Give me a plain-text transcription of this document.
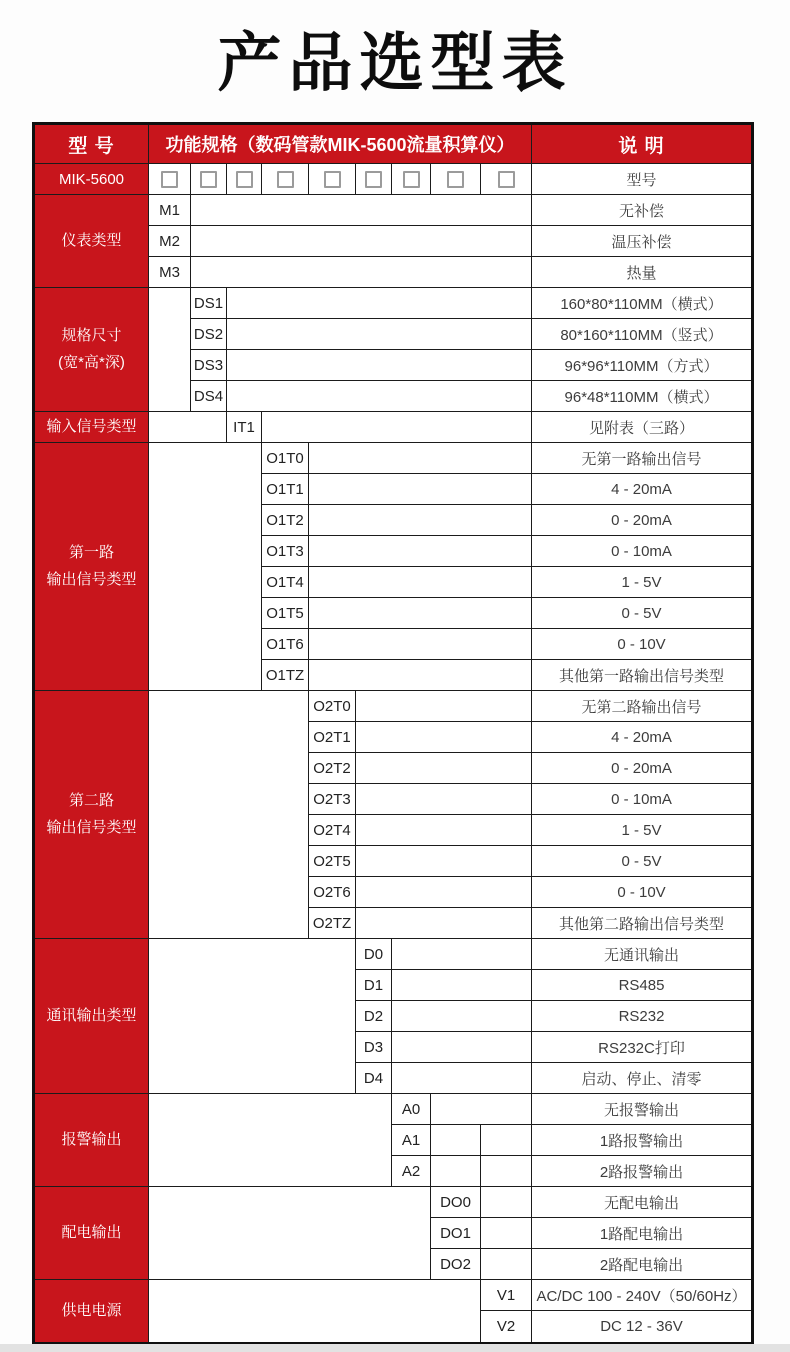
产品选型表
型 号	功能规格（数码管款MIK-5600流量积算仪）	说 明
MIK-5600	型号
仪表类型
M1	无补偿
M2	温压补偿
M3	热量
规格尺寸
(宽*高*深)
DS1	160*80*110MM（横式）
DS2	80*160*110MM（竖式）
DS3	96*96*110MM（方式）
DS4	96*48*110MM（横式）
输入信号类型	IT1	见附表（三路）
第一路
输出信号类型
O1T0	无第一路输出信号
O1T1	4 - 20mA
O1T2	0 - 20mA
O1T3	0 - 10mA
O1T4	1 - 5V
O1T5	0 - 5V
O1T6	0 - 10V
O1TZ	其他第一路输出信号类型
第二路
输出信号类型
O2T0	无第二路输出信号
O2T1	4 - 20mA
O2T2	0 - 20mA
O2T3	0 - 10mA
O2T4	1 - 5V
O2T5	0 - 5V
O2T6	0 - 10V
O2TZ	其他第二路输出信号类型
通讯输出类型
D0	无通讯输出
D1	RS485
D2	RS232
D3	RS232C打印
D4	启动、停止、清零
报警输出
A0	无报警输出
A1	1路报警输出
A2	2路报警输出
配电输出
DO0	无配电输出
DO1	1路配电输出
DO2	2路配电输出
供电电源
V1	AC/DC 100 - 240V（50/60Hz）
V2	DC 12 - 36V
